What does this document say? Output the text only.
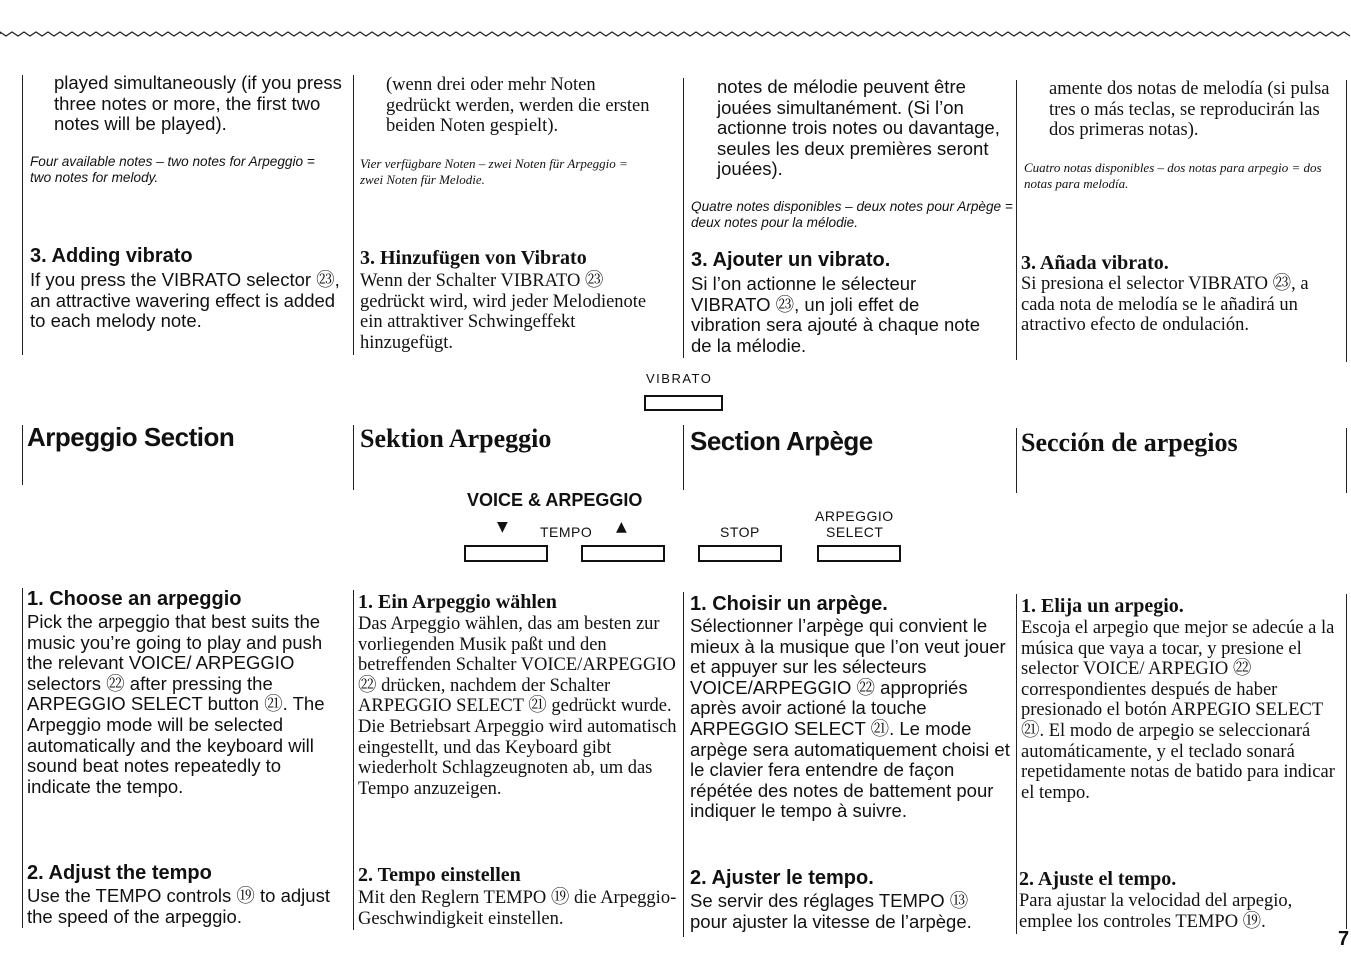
played simultaneously (if you press three notes or more, the first two notes will be played).
Four available notes – two notes for Arpeggio = two notes for melody.
(wenn drei oder mehr Noten gedrückt werden, werden die ersten beiden Noten gespielt).
Vier verfügbare Noten – zwei Noten für Arpeggio = zwei Noten für Melodie.
notes de mélodie peuvent être jouées simultanément. (Si l’on actionne trois notes ou davantage, seules les deux premières seront jouées).
Quatre notes disponibles – deux notes pour Arpège = deux notes pour la mélodie.
amente dos notas de melodía (si pulsa tres o más teclas, se reproducirán las dos primeras notas).
Cuatro notas disponibles – dos notas para arpegio = dos notas para melodía.
3. Adding vibrato
If you press the VIBRATO selector ㉓, an attractive wavering effect is added to each melody note.
3. Hinzufügen von Vibrato
Wenn der Schalter VIBRATO ㉓ gedrückt wird, wird jeder Melodienote ein attraktiver Schwingeffekt hinzugefügt.
3. Ajouter un vibrato.
Si l’on actionne le sélecteur VIBRATO ㉓, un joli effet de vibration sera ajouté à chaque note de la mélodie.
3. Añada vibrato.
Si presiona el selector VIBRATO ㉓, a cada nota de melodía se le añadirá un atractivo efecto de ondulación.
VIBRATO
Arpeggio Section	Sektion Arpeggio	Section Arpège	Sección de arpegios
VOICE & ARPEGGIO
▼ TEMPO ▲	STOP
ARPEGGIO
SELECT
1. Choose an arpeggio
Pick the arpeggio that best suits the music you’re going to play and push the relevant VOICE/ ARPEGGIO selectors ㉒ after pressing the ARPEGGIO SELECT button ㉑. The Arpeggio mode will be selected automatically and the keyboard will sound beat notes repeatedly to indicate the tempo.
1. Ein Arpeggio wählen
Das Arpeggio wählen, das am besten zur vorliegenden Musik paßt und den betreffenden Schalter VOICE/ARPEGGIO ㉒ drücken, nachdem der Schalter ARPEGGIO SELECT ㉑ gedrückt wurde. Die Betriebsart Arpeggio wird automatisch eingestellt, und das Keyboard gibt wiederholt Schlagzeugnoten ab, um das Tempo anzuzeigen.
1. Choisir un arpège.
Sélectionner l’arpège qui convient le mieux à la musique que l’on veut jouer et appuyer sur les sélecteurs VOICE/ARPEGGIO ㉒ appropriés après avoir actioné la touche ARPEGGIO SELECT ㉑. Le mode arpège sera automatiquement choisi et le clavier fera entendre de façon répétée des notes de battement pour indiquer le tempo à suivre.
1. Elija un arpegio.
Escoja el arpegio que mejor se adecúe a la música que vaya a tocar, y presione el selector VOICE/ ARPEGIO ㉒ correspondientes después de haber presionado el botón ARPEGIO SELECT ㉑. El modo de arpegio se seleccionará automáticamente, y el teclado sonará repetidamente notas de batido para indicar el tempo.
2. Adjust the tempo
Use the TEMPO controls ⑲ to adjust the speed of the arpeggio.
2. Tempo einstellen
Mit den Reglern TEMPO ⑲ die Arpeggio-Geschwindigkeit einstellen.
2. Ajuster le tempo.
Se servir des réglages TEMPO ⑬ pour ajuster la vitesse de l’arpège.
2. Ajuste el tempo.
Para ajustar la velocidad del arpegio, emplee los controles TEMPO ⑲.
7
